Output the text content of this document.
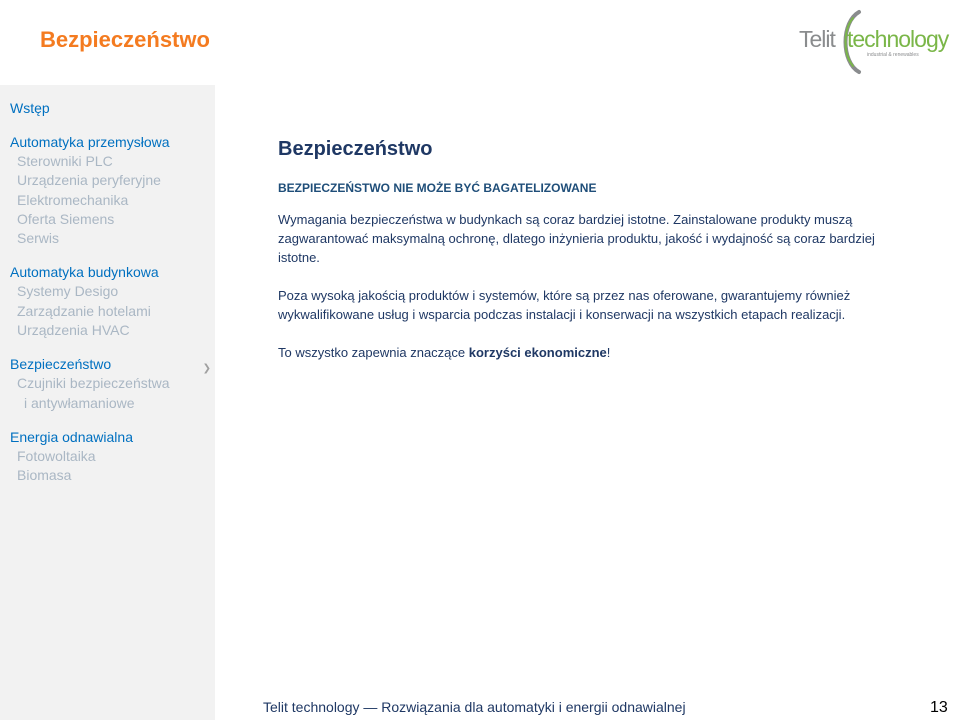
Bezpieczeństwo	Telit technology
industrial & renewables
Wstęp
Automatyka przemysłowa
Sterowniki PLC
Urządzenia peryferyjne
Elektromechanika
Oferta Siemens
Serwis
Automatyka budynkowa
Systemy Desigo
Zarządzanie hotelami
Urządzenia HVAC
Bezpieczeństwo	❯
Czujniki bezpieczeństwa
i antywłamaniowe
Energia odnawialna
Fotowoltaika
Biomasa
Bezpieczeństwo
BEZPIECZEŃSTWO NIE MOŻE BYĆ BAGATELIZOWANE

Wymagania bezpieczeństwa w budynkach są coraz bardziej istotne. Zainstalowane produkty muszą zagwarantować maksymalną ochronę, dlatego inżynieria produktu, jakość i wydajność są coraz bardziej istotne.

Poza wysoką jakością produktów i systemów, które są przez nas oferowane, gwarantujemy również wykwalifikowane usług i wsparcia podczas instalacji i konserwacji na wszystkich etapach realizacji.

To wszystko zapewnia znaczące korzyści ekonomiczne!

Telit technology — Rozwiązania dla automatyki i energii odnawialnej	13
